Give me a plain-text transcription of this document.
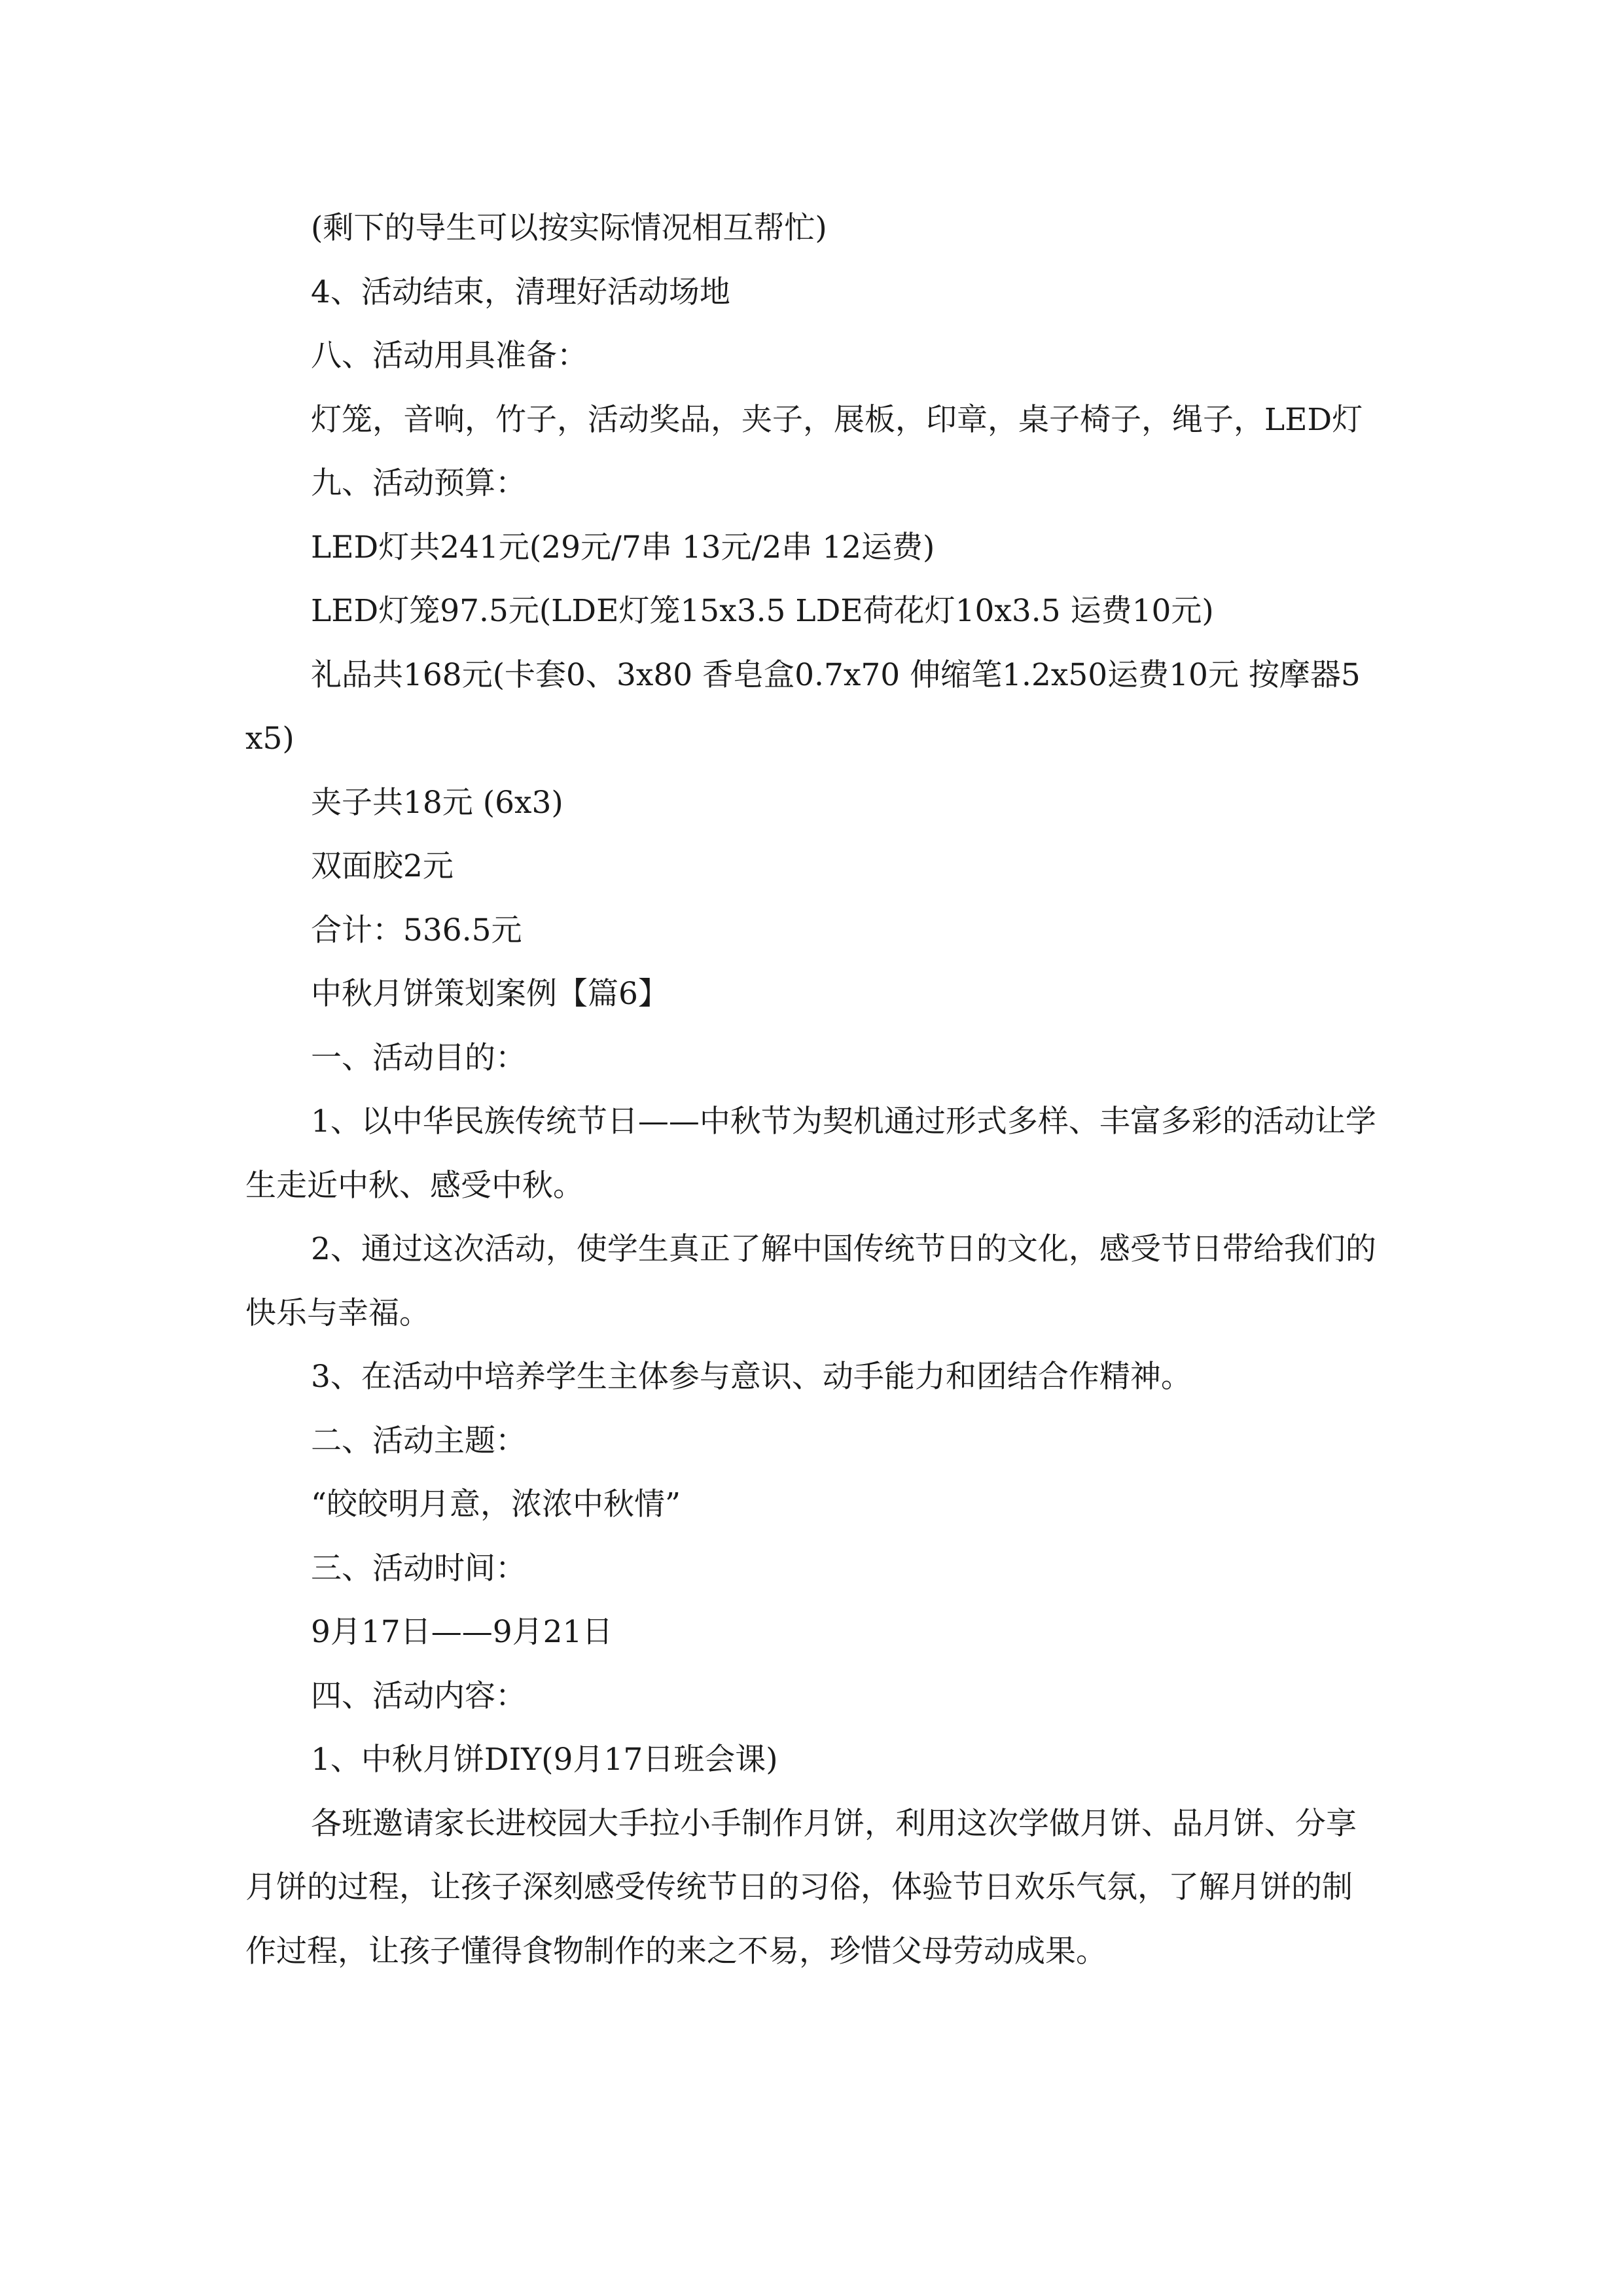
(剩下的导生可以按实际情况相互帮忙)

4、活动结束，清理好活动场地

八、活动用具准备：

灯笼，音响，竹子，活动奖品，夹子，展板，印章，桌子椅子，绳子，LED灯

九、活动预算：

LED灯共241元(29元/7串 13元/2串 12运费)

LED灯笼97.5元(LDE灯笼15x3.5 LDE荷花灯10x3.5 运费10元)

礼品共168元(卡套0、3x80 香皂盒0.7x70 伸缩笔1.2x50运费10元 按摩器5x5)

夹子共18元 (6x3)

双面胶2元

合计：536.5元

中秋月饼策划案例【篇6】

一、活动目的：

1、以中华民族传统节日——中秋节为契机通过形式多样、丰富多彩的活动让学生走近中秋、感受中秋。

2、通过这次活动，使学生真正了解中国传统节日的文化，感受节日带给我们的快乐与幸福。

3、在活动中培养学生主体参与意识、动手能力和团结合作精神。

二、活动主题：

“皎皎明月意，浓浓中秋情”

三、活动时间：

9月17日——9月21日

四、活动内容：

1、中秋月饼DIY(9月17日班会课)

各班邀请家长进校园大手拉小手制作月饼，利用这次学做月饼、品月饼、分享月饼的过程，让孩子深刻感受传统节日的习俗，体验节日欢乐气氛，了解月饼的制作过程，让孩子懂得食物制作的来之不易，珍惜父母劳动成果。
